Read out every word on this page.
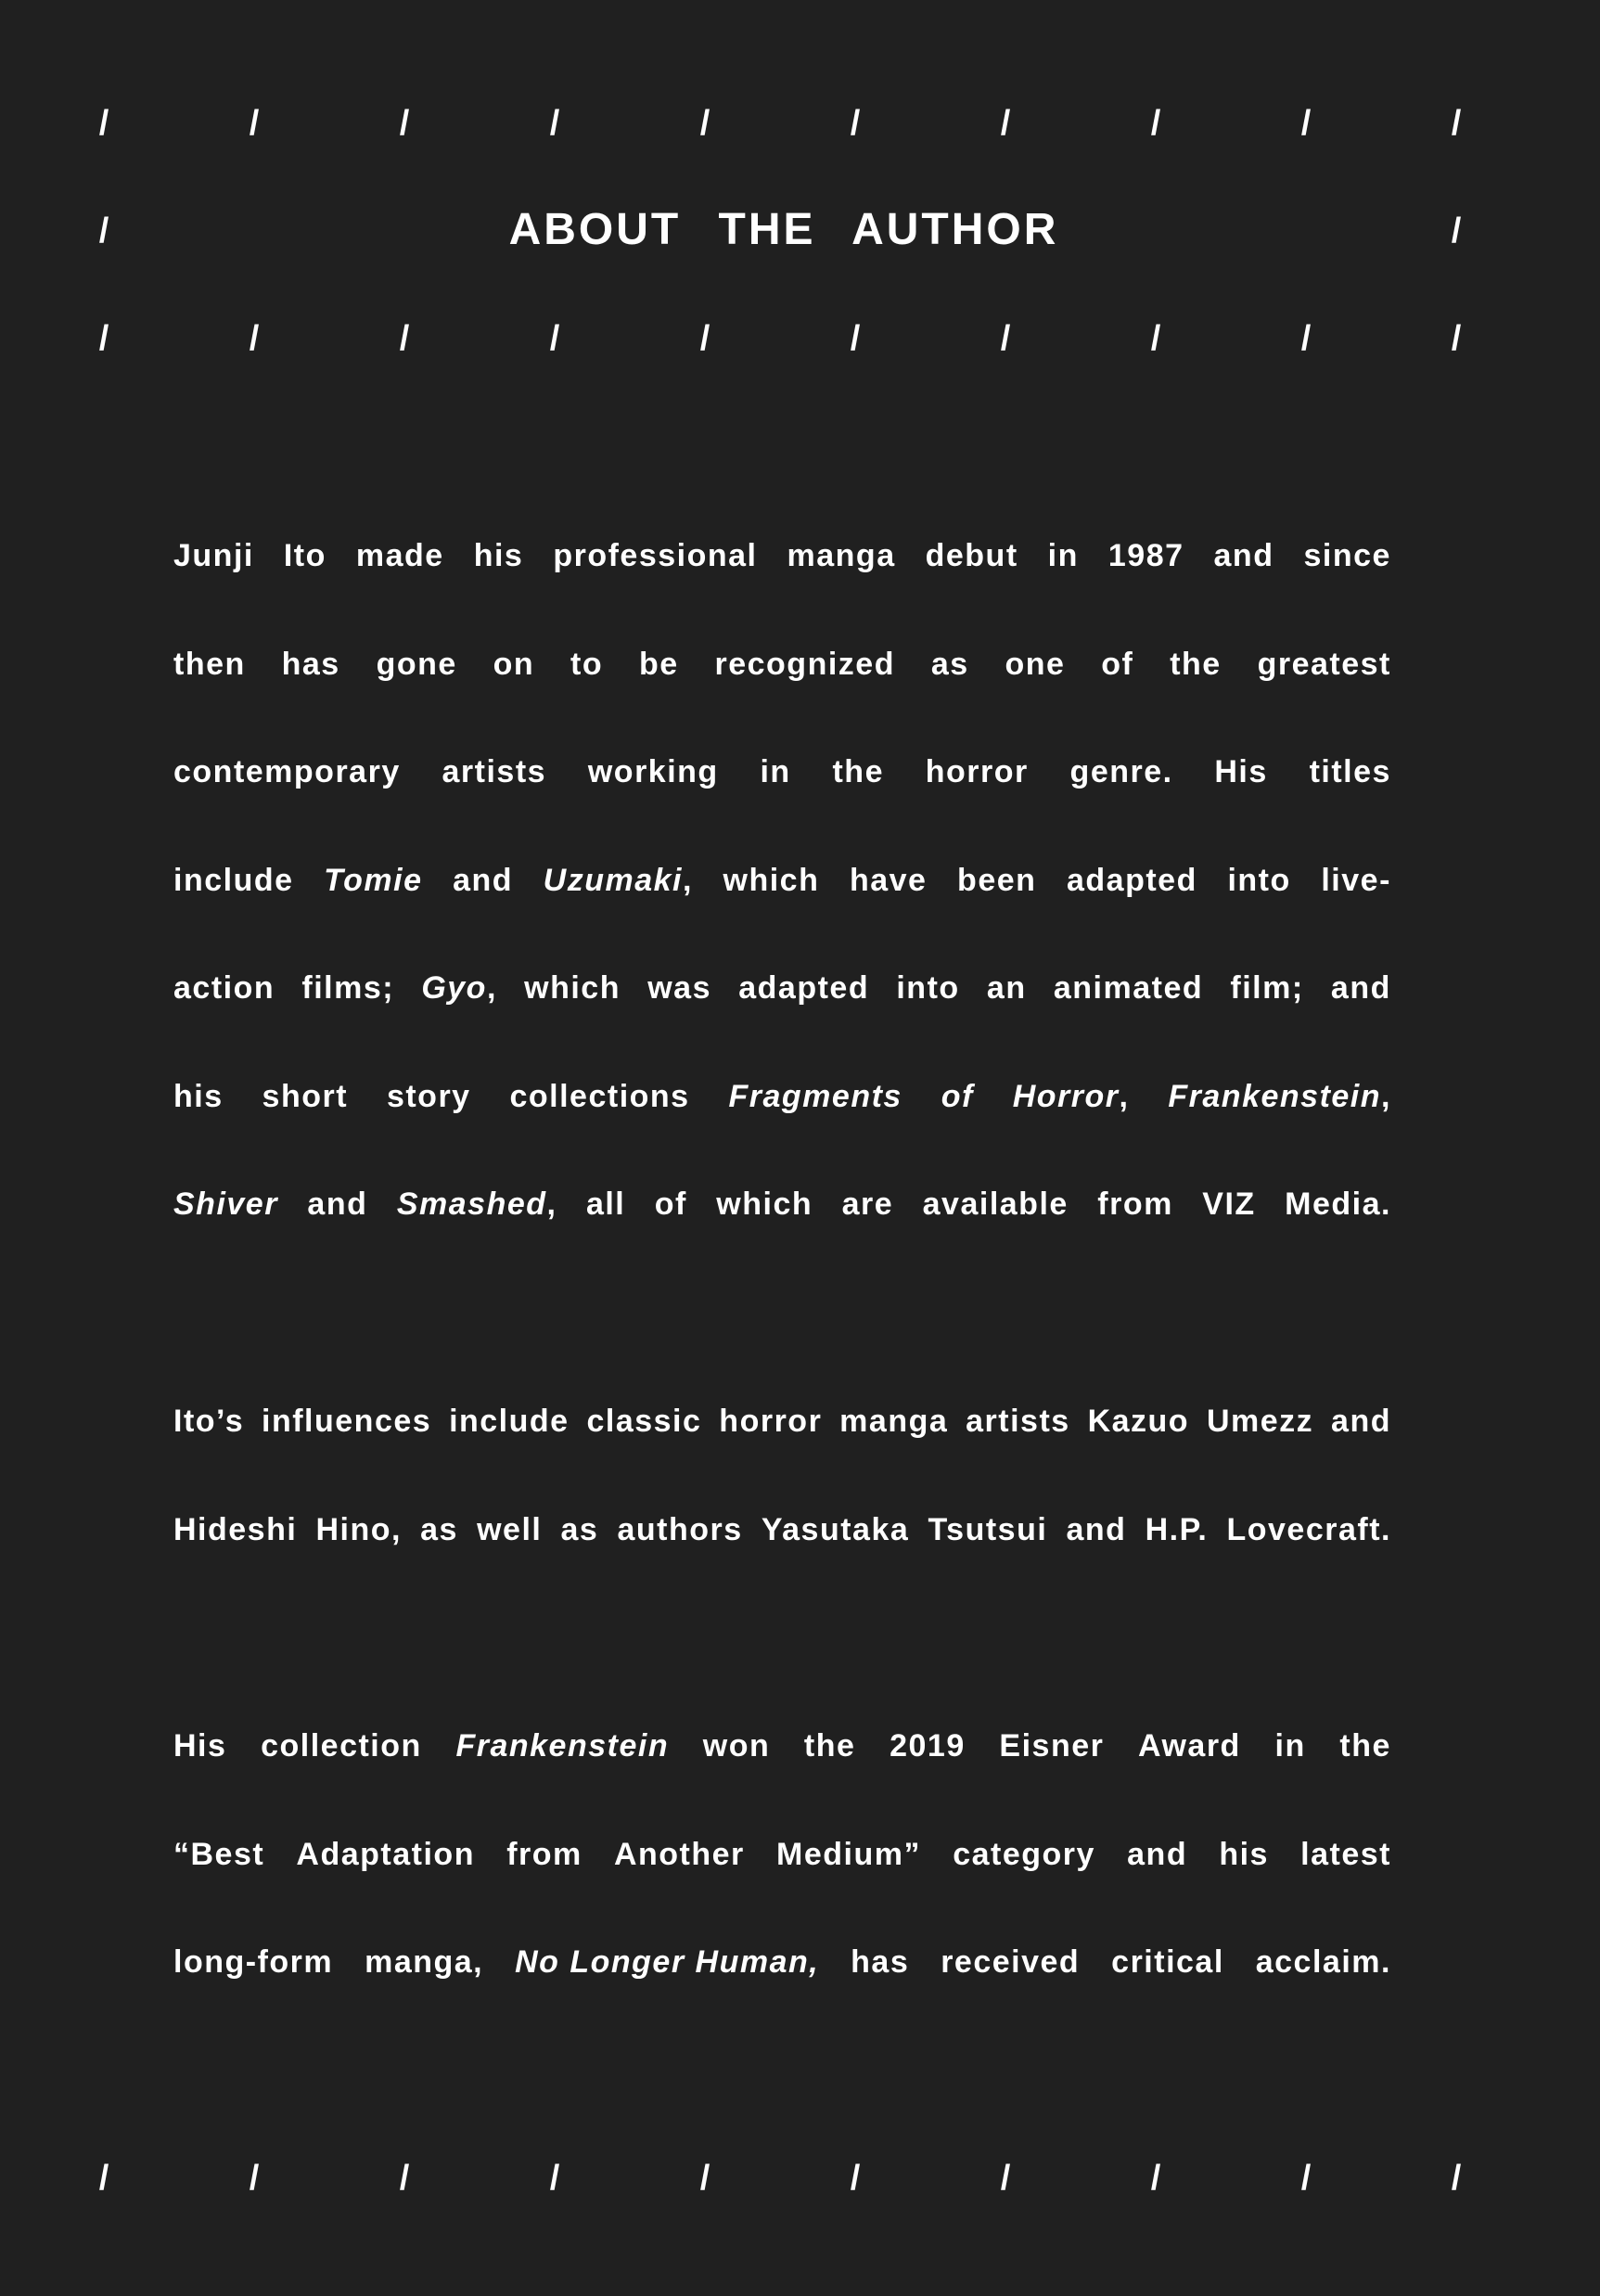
/	/	/	/	/	/	/	/	/	/
/	/
/	/	/	/	/	/	/	/	/	/
/	/	/	/	/	/	/	/	/	/
ABOUT THE AUTHOR
Junji Ito made his professional manga debut in 1987 and since
then has gone on to be recognized as one of the greatest
contemporary artists working in the horror genre. His titles
include Tomie and Uzumaki, which have been adapted into live-
action films; Gyo, which was adapted into an animated film; and
his short story collections Fragments of Horror, Frankenstein,
Shiver and Smashed, all of which are available from VIZ Media.
Ito’s influences include classic horror manga artists Kazuo Umezz and
Hideshi Hino, as well as authors Yasutaka Tsutsui and H.P. Lovecraft.
His collection Frankenstein won the 2019 Eisner Award in the
“Best Adaptation from Another Medium” category and his latest
long-form manga, No Longer Human, has received critical acclaim.
